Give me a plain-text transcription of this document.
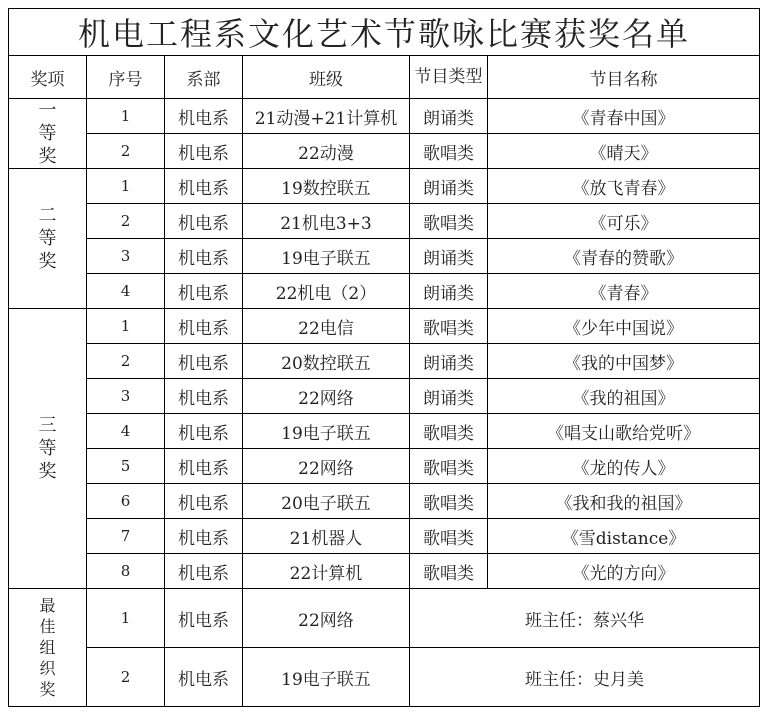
机电工程系文化艺术节歌咏比赛获奖名单					
奖项	序号	系部	班级	节目类型	节目名称

一等奖	1	机电系	21动漫+21计算机	朗诵类	《青春中国》
	2	机电系	22动漫	歌唱类	《晴天》

二等奖	1	机电系	19数控联五	朗诵类	《放飞青春》
	2	机电系	21机电3+3	歌唱类	《可乐》
	3	机电系	19电子联五	朗诵类	《青春的赞歌》
	4	机电系	22机电（2）	朗诵类	《青春》

三等奖	1	机电系	22电信	歌唱类	《少年中国说》
	2	机电系	20数控联五	朗诵类	《我的中国梦》
	3	机电系	22网络	朗诵类	《我的祖国》
	4	机电系	19电子联五	歌唱类	《唱支山歌给党听》
	5	机电系	22网络	歌唱类	《龙的传人》
	6	机电系	20电子联五	歌唱类	《我和我的祖国》
	7	机电系	21机器人	歌唱类	《雪distance》
	8	机电系	22计算机	歌唱类	《光的方向》

最佳组织奖	1	机电系	22网络	班主任：蔡兴华	
	2	机电系	19电子联五	班主任：史月美	
